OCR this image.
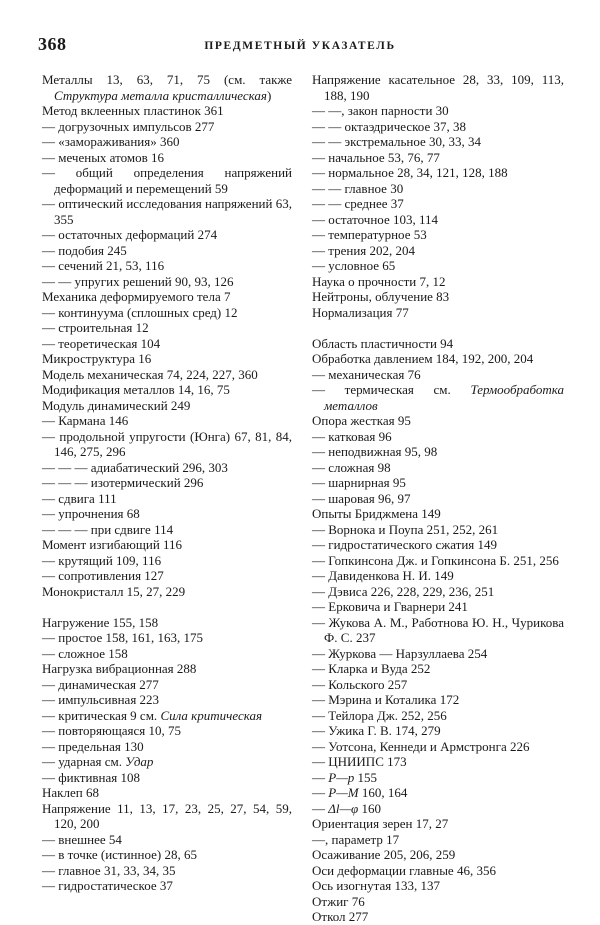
368	ПРЕДМЕТНЫЙ УКАЗАТЕЛЬ

Металлы 13, 63, 71, 75 (см. также Структура металла кристаллическая)

Метод вклеенных пластинок 361

— догрузочных импульсов 277

— «замораживания» 360

— меченых атомов 16

— общий определения напряжений деформаций и перемещений 59

— оптический исследования напряжений 63, 355

— остаточных деформаций 274

— подобия 245

— сечений 21, 53, 116

— — упругих решений 90, 93, 126

Механика деформируемого тела 7

— континуума (сплошных сред) 12

— строительная 12

— теоретическая 104

Микроструктура 16

Модель механическая 74, 224, 227, 360

Модификация металлов 14, 16, 75

Модуль динамический 249

— Кармана 146

— продольной упругости (Юнга) 67, 81, 84, 146, 275, 296

— — — адиабатический 296, 303

— — — изотермический 296

— сдвига 111

— упрочнения 68

— — — при сдвиге 114

Момент изгибающий 116

— крутящий 109, 116

— сопротивления 127

Монокристалл 15, 27, 229

Нагружение 155, 158

— простое 158, 161, 163, 175

— сложное 158

Нагрузка вибрационная 288

— динамическая 277

— импульсивная 223

— критическая 9 см. Сила критическая

— повторяющаяся 10, 75

— предельная 130

— ударная см. Удар

— фиктивная 108

Наклеп 68

Напряжение 11, 13, 17, 23, 25, 27, 54, 59, 120, 200

— внешнее 54

— в точке (истинное) 28, 65

— главное 31, 33, 34, 35

— гидростатическое 37

Напряжение касательное 28, 33, 109, 113, 188, 190

— —, закон парности 30

— — октаэдрическое 37, 38

— — экстремальное 30, 33, 34

— начальное 53, 76, 77

— нормальное 28, 34, 121, 128, 188

— — главное 30

— — среднее 37

— остаточное 103, 114

— температурное 53

— трения 202, 204

— условное 65

Наука о прочности 7, 12

Нейтроны, облучение 83

Нормализация 77

Область пластичности 94

Обработка давлением 184, 192, 200, 204

— механическая 76

— термическая см. Термообработка металлов

Опора жесткая 95

— катковая 96

— неподвижная 95, 98

— сложная 98

— шарнирная 95

— шаровая 96, 97

Опыты Бриджмена 149

— Ворнока и Поупа 251, 252, 261

— гидростатического сжатия 149

— Гопкинсона Дж. и Гопкинсона Б. 251, 256

— Давиденкова Н. И. 149

— Дэвиса 226, 228, 229, 236, 251

— Ерковича и Гварнери 241

— Жукова А. М., Работнова Ю. Н., Чурикова Ф. С. 237

— Журкова — Нарзуллаева 254

— Кларка и Вуда 252

— Кольского 257

— Мэрина и Коталика 172

— Тейлора Дж. 252, 256

— Ужика Г. В. 174, 279

— Уотсона, Кеннеди и Армстронга 226

— ЦНИИПС 173

— P—p 155

— P—M 160, 164

— Δl—φ 160

Ориентация зерен 17, 27

—, параметр 17

Осаживание 205, 206, 259

Оси деформации главные 46, 356

Ось изогнутая 133, 137

Отжиг 76

Откол 277
